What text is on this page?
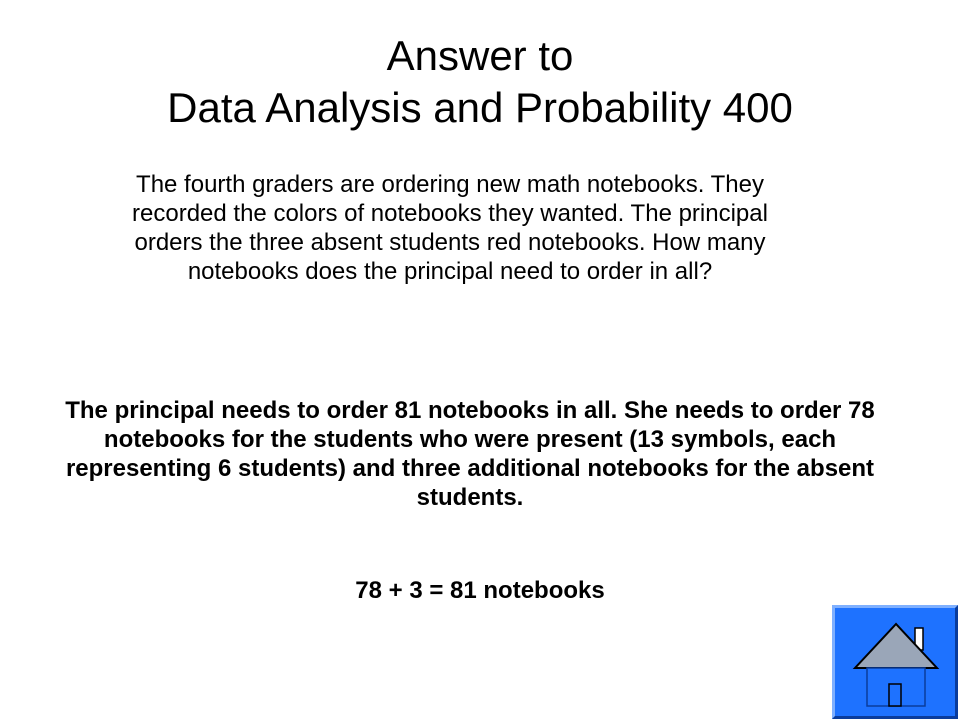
Answer to
Data Analysis and Probability 400

The fourth graders are ordering new math notebooks. They recorded the colors of notebooks they wanted. The principal orders the three absent students red notebooks. How many notebooks does the principal need to order in all?

The principal needs to order 81 notebooks in all. She needs to order 78 notebooks for the students who were present (13 symbols, each representing 6 students) and three additional notebooks for the absent students.

78 + 3 = 81 notebooks
